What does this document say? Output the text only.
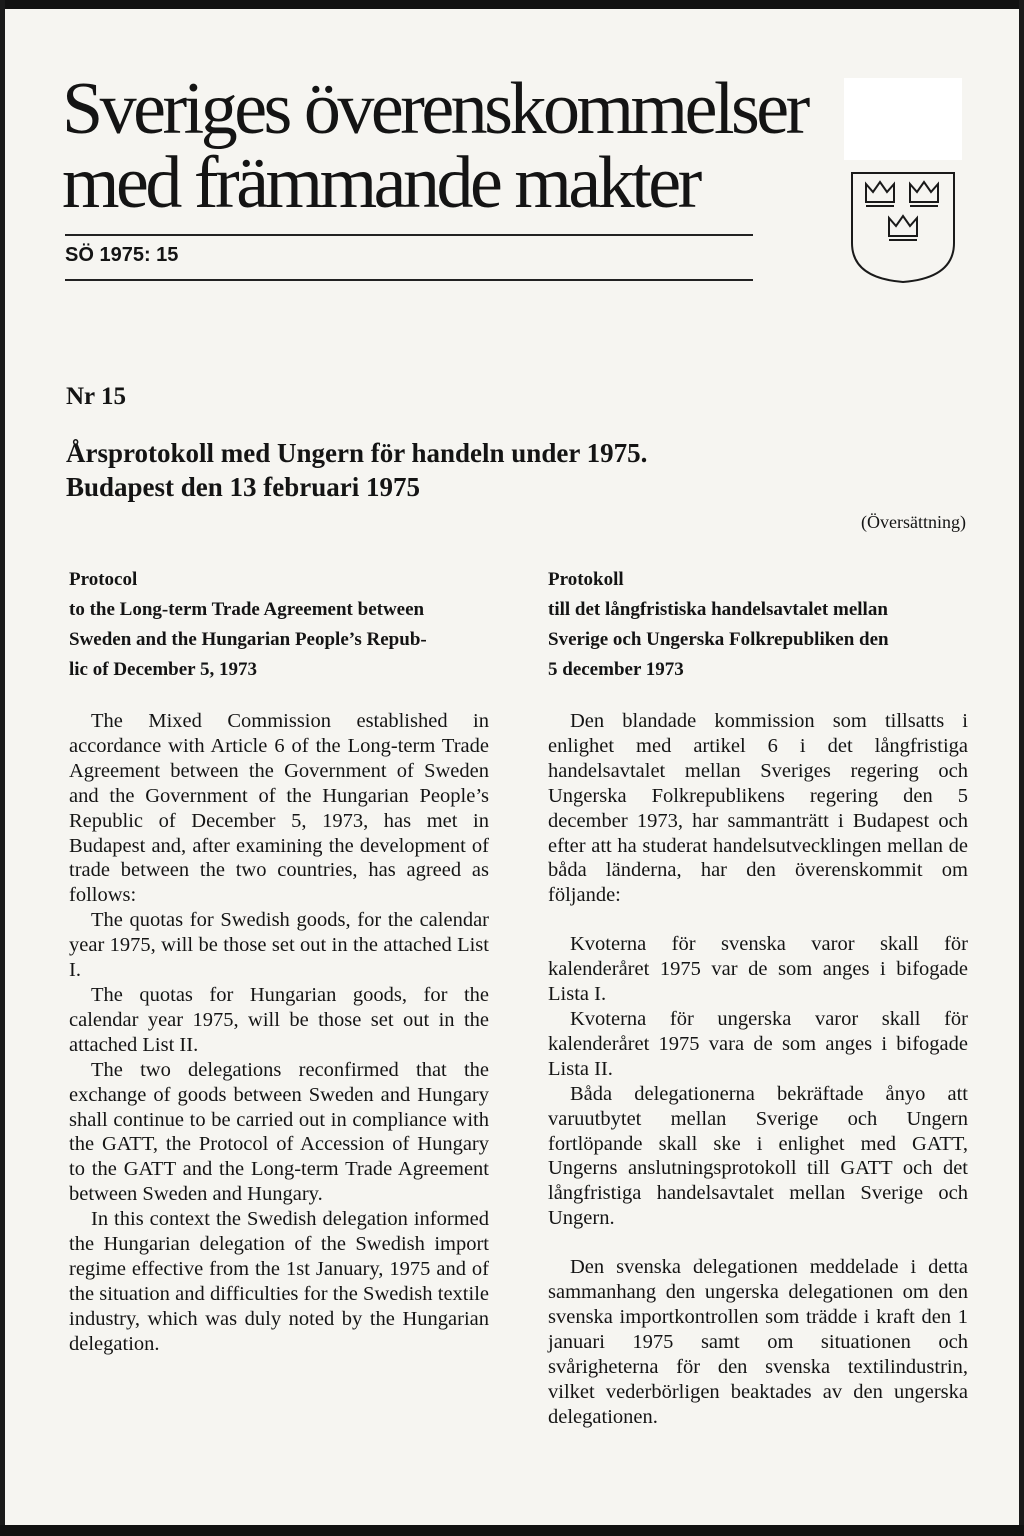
Sveriges överenskommelser
med främmande makter
SÖ 1975: 15
Nr 15
Årsprotokoll med Ungern för handeln under 1975.
Budapest den 13 februari 1975
(Översättning)
Protocol
to the Long-term Trade Agreement between
Sweden and the Hungarian People’s Repub-
lic of December 5, 1973

The Mixed Commission established in accordance with Article 6 of the Long-term Trade Agreement between the Government of Sweden and the Government of the Hungarian People’s Republic of December 5, 1973, has met in Budapest and, after examining the development of trade between the two countries, has agreed as follows:

The quotas for Swedish goods, for the calendar year 1975, will be those set out in the attached List I.

The quotas for Hungarian goods, for the calendar year 1975, will be those set out in the attached List II.

The two delegations reconfirmed that the exchange of goods between Sweden and Hungary shall continue to be carried out in compliance with the GATT, the Protocol of Accession of Hungary to the GATT and the Long-term Trade Agreement between Sweden and Hungary.

In this context the Swedish delegation informed the Hungarian delegation of the Swedish import regime effective from the 1st January, 1975 and of the situation and difficulties for the Swedish textile industry, which was duly noted by the Hungarian delegation.

Protokoll
till det långfristiska handelsavtalet mellan
Sverige och Ungerska Folkrepubliken den
5 december 1973

Den blandade kommission som tillsatts i enlighet med artikel 6 i det långfristiga handelsavtalet mellan Sveriges regering och Ungerska Folkrepublikens regering den 5 december 1973, har sammanträtt i Budapest och efter att ha studerat handelsutvecklingen mellan de båda länderna, har den överenskommit om följande:

Kvoterna för svenska varor skall för kalenderåret 1975 var de som anges i bifogade Lista I.

Kvoterna för ungerska varor skall för kalenderåret 1975 vara de som anges i bifogade Lista II.

Båda delegationerna bekräftade ånyo att varuutbytet mellan Sverige och Ungern fortlöpande skall ske i enlighet med GATT, Ungerns anslutningsprotokoll till GATT och det långfristiga handelsavtalet mellan Sverige och Ungern.

Den svenska delegationen meddelade i detta sammanhang den ungerska delegationen om den svenska importkontrollen som trädde i kraft den 1 januari 1975 samt om situationen och svårigheterna för den svenska textilindustrin, vilket vederbörligen beaktades av den ungerska delegationen.
